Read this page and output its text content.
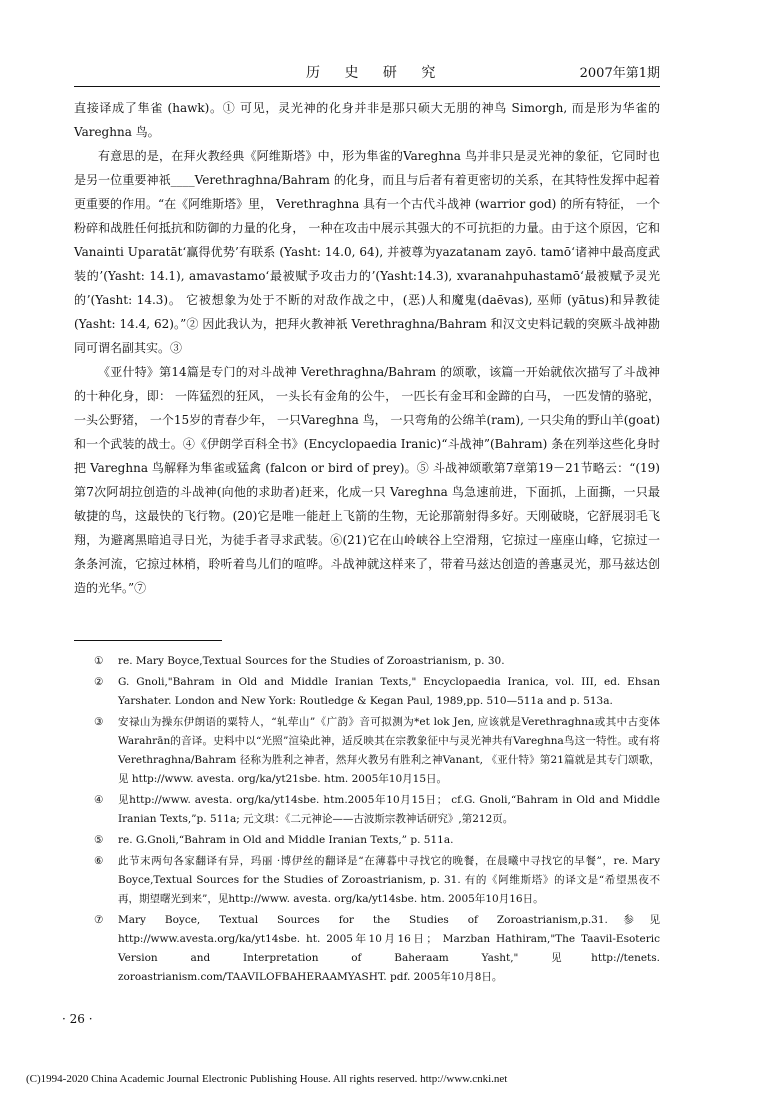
历 史 研 究	2007年第1期

直接译成了隼雀 (hawk)。① 可见，灵光神的化身并非是那只硕大无朋的神鸟 Simorgh, 而是形为华雀的Vareghna 鸟。

有意思的是，在拜火教经典《阿维斯塔》中，形为隼雀的Vareghna 鸟并非只是灵光神的象征，它同时也是另一位重要神祇____Verethraghna/Bahram 的化身，而且与后者有着更密切的关系，在其特性发挥中起着更重要的作用。“在《阿维斯塔》里， Verethraghna 具有一个古代斗战神 (warrior god) 的所有特征， 一个粉碎和战胜任何抵抗和防御的力量的化身， 一种在攻击中展示其强大的不可抗拒的力量。由于这个原因，它和 Vanainti Uparatāt‘赢得优势’有联系 (Yasht: 14.0, 64), 并被尊为yazatanam zayō. tamō‘诸神中最高度武装的’(Yasht: 14.1), amavastamo‘最被赋予攻击力的’(Yasht:14.3), xvaranahpuhastamō‘最被赋予灵光的’(Yasht: 14.3)。 它被想象为处于不断的对敌作战之中，(恶)人和魔鬼(daēvas), 巫师 (yātus)和异教徒 (Yasht: 14.4, 62)。”② 因此我认为，把拜火教神祇 Verethraghna/Bahram 和汉文史料记载的突厥斗战神勘同可谓名副其实。③

《亚什特》第14篇是专门的对斗战神 Verethraghna/Bahram 的颂歌，该篇一开始就依次描写了斗战神的十种化身，即： 一阵猛烈的狂风， 一头长有金角的公牛， 一匹长有金耳和金蹄的白马， 一匹发情的骆驼， 一头公野猪， 一个15岁的青春少年， 一只Vareghna 鸟， 一只弯角的公绵羊(ram), 一只尖角的野山羊(goat) 和一个武装的战士。④《伊朗学百科全书》(Encyclopaedia Iranic)“斗战神”(Bahram) 条在列举这些化身时把 Vareghna 鸟解释为隼雀或猛禽 (falcon or bird of prey)。⑤ 斗战神颂歌第7章第19－21节略云：“(19)第7次阿胡拉创造的斗战神(向他的求助者)赶来，化成一只 Vareghna 鸟急速前进，下面抓，上面撕，一只最敏捷的鸟，这最快的飞行物。(20)它是唯一能赶上飞箭的生物，无论那箭射得多好。天刚破晓，它舒展羽毛飞翔，为避离黑暗追寻日光，为徒手者寻求武装。⑥(21)它在山岭峡谷上空滑翔，它掠过一座座山峰，它掠过一条条河流，它掠过林梢，聆听着鸟儿们的喧哗。斗战神就这样来了，带着马兹达创造的善惠灵光，那马兹达创造的光华。”⑦

①	re. Mary Boyce,Textual Sources for the Studies of Zoroastrianism, p. 30.
②	G. Gnoli,"Bahram in Old and Middle Iranian Texts," Encyclopaedia Iranica, vol. III, ed. Ehsan Yarshater. London and New York: Routledge & Kegan Paul, 1989,pp. 510—511a and p. 513a.
③	安禄山为操东伊朗语的粟特人，“轧荦山”《广韵》音可拟测为*et lok Jen, 应该就是Verethraghna或其中古变体 Warahrān的音译。史料中以“光照”渲染此神，适反映其在宗教象征中与灵光神共有Vareghna鸟这一特性。或有将 Verethraghna/Bahram 径称为胜利之神者，然拜火教另有胜利之神Vanant, 《亚什特》第21篇就是其专门颂歌，见 http://www. avesta. org/ka/yt21sbe. htm. 2005年10月15日。
④	见http://www. avesta. org/ka/yt14sbe. htm.2005年10月15日； cf.G. Gnoli,“Bahram in Old and Middle Iranian Texts,”p. 511a; 元文琪：《二元神论——古波斯宗教神话研究》,第212页。
⑤	re. G.Gnoli,“Bahram in Old and Middle Iranian Texts,” p. 511a.
⑥	此节末两句各家翻译有异，玛丽 ·博伊丝的翻译是“在薄暮中寻找它的晚餐，在晨曦中寻找它的早餐”，re. Mary Boyce,Textual Sources for the Studies of Zoroastrianism, p. 31. 有的《阿维斯塔》的译文是“希望黑夜不再，期望曙光到来”，见http://www. avesta. org/ka/yt14sbe. htm. 2005年10月16日。
⑦	Mary Boyce, Textual Sources for the Studies of Zoroastrianism,p.31.参见http://www.avesta.org/ka/yt14sbe. ht. 2005年10月16日； Marzban Hathiram,"The Taavil-Esoteric Version and Interpretation of Baheraam Yasht," 见http://tenets. zoroastrianism.com/TAAVILOFBAHERAAMYASHT. pdf. 2005年10月8日。
· 26 ·
(C)1994-2020 China Academic Journal Electronic Publishing House. All rights reserved. http://www.cnki.net
